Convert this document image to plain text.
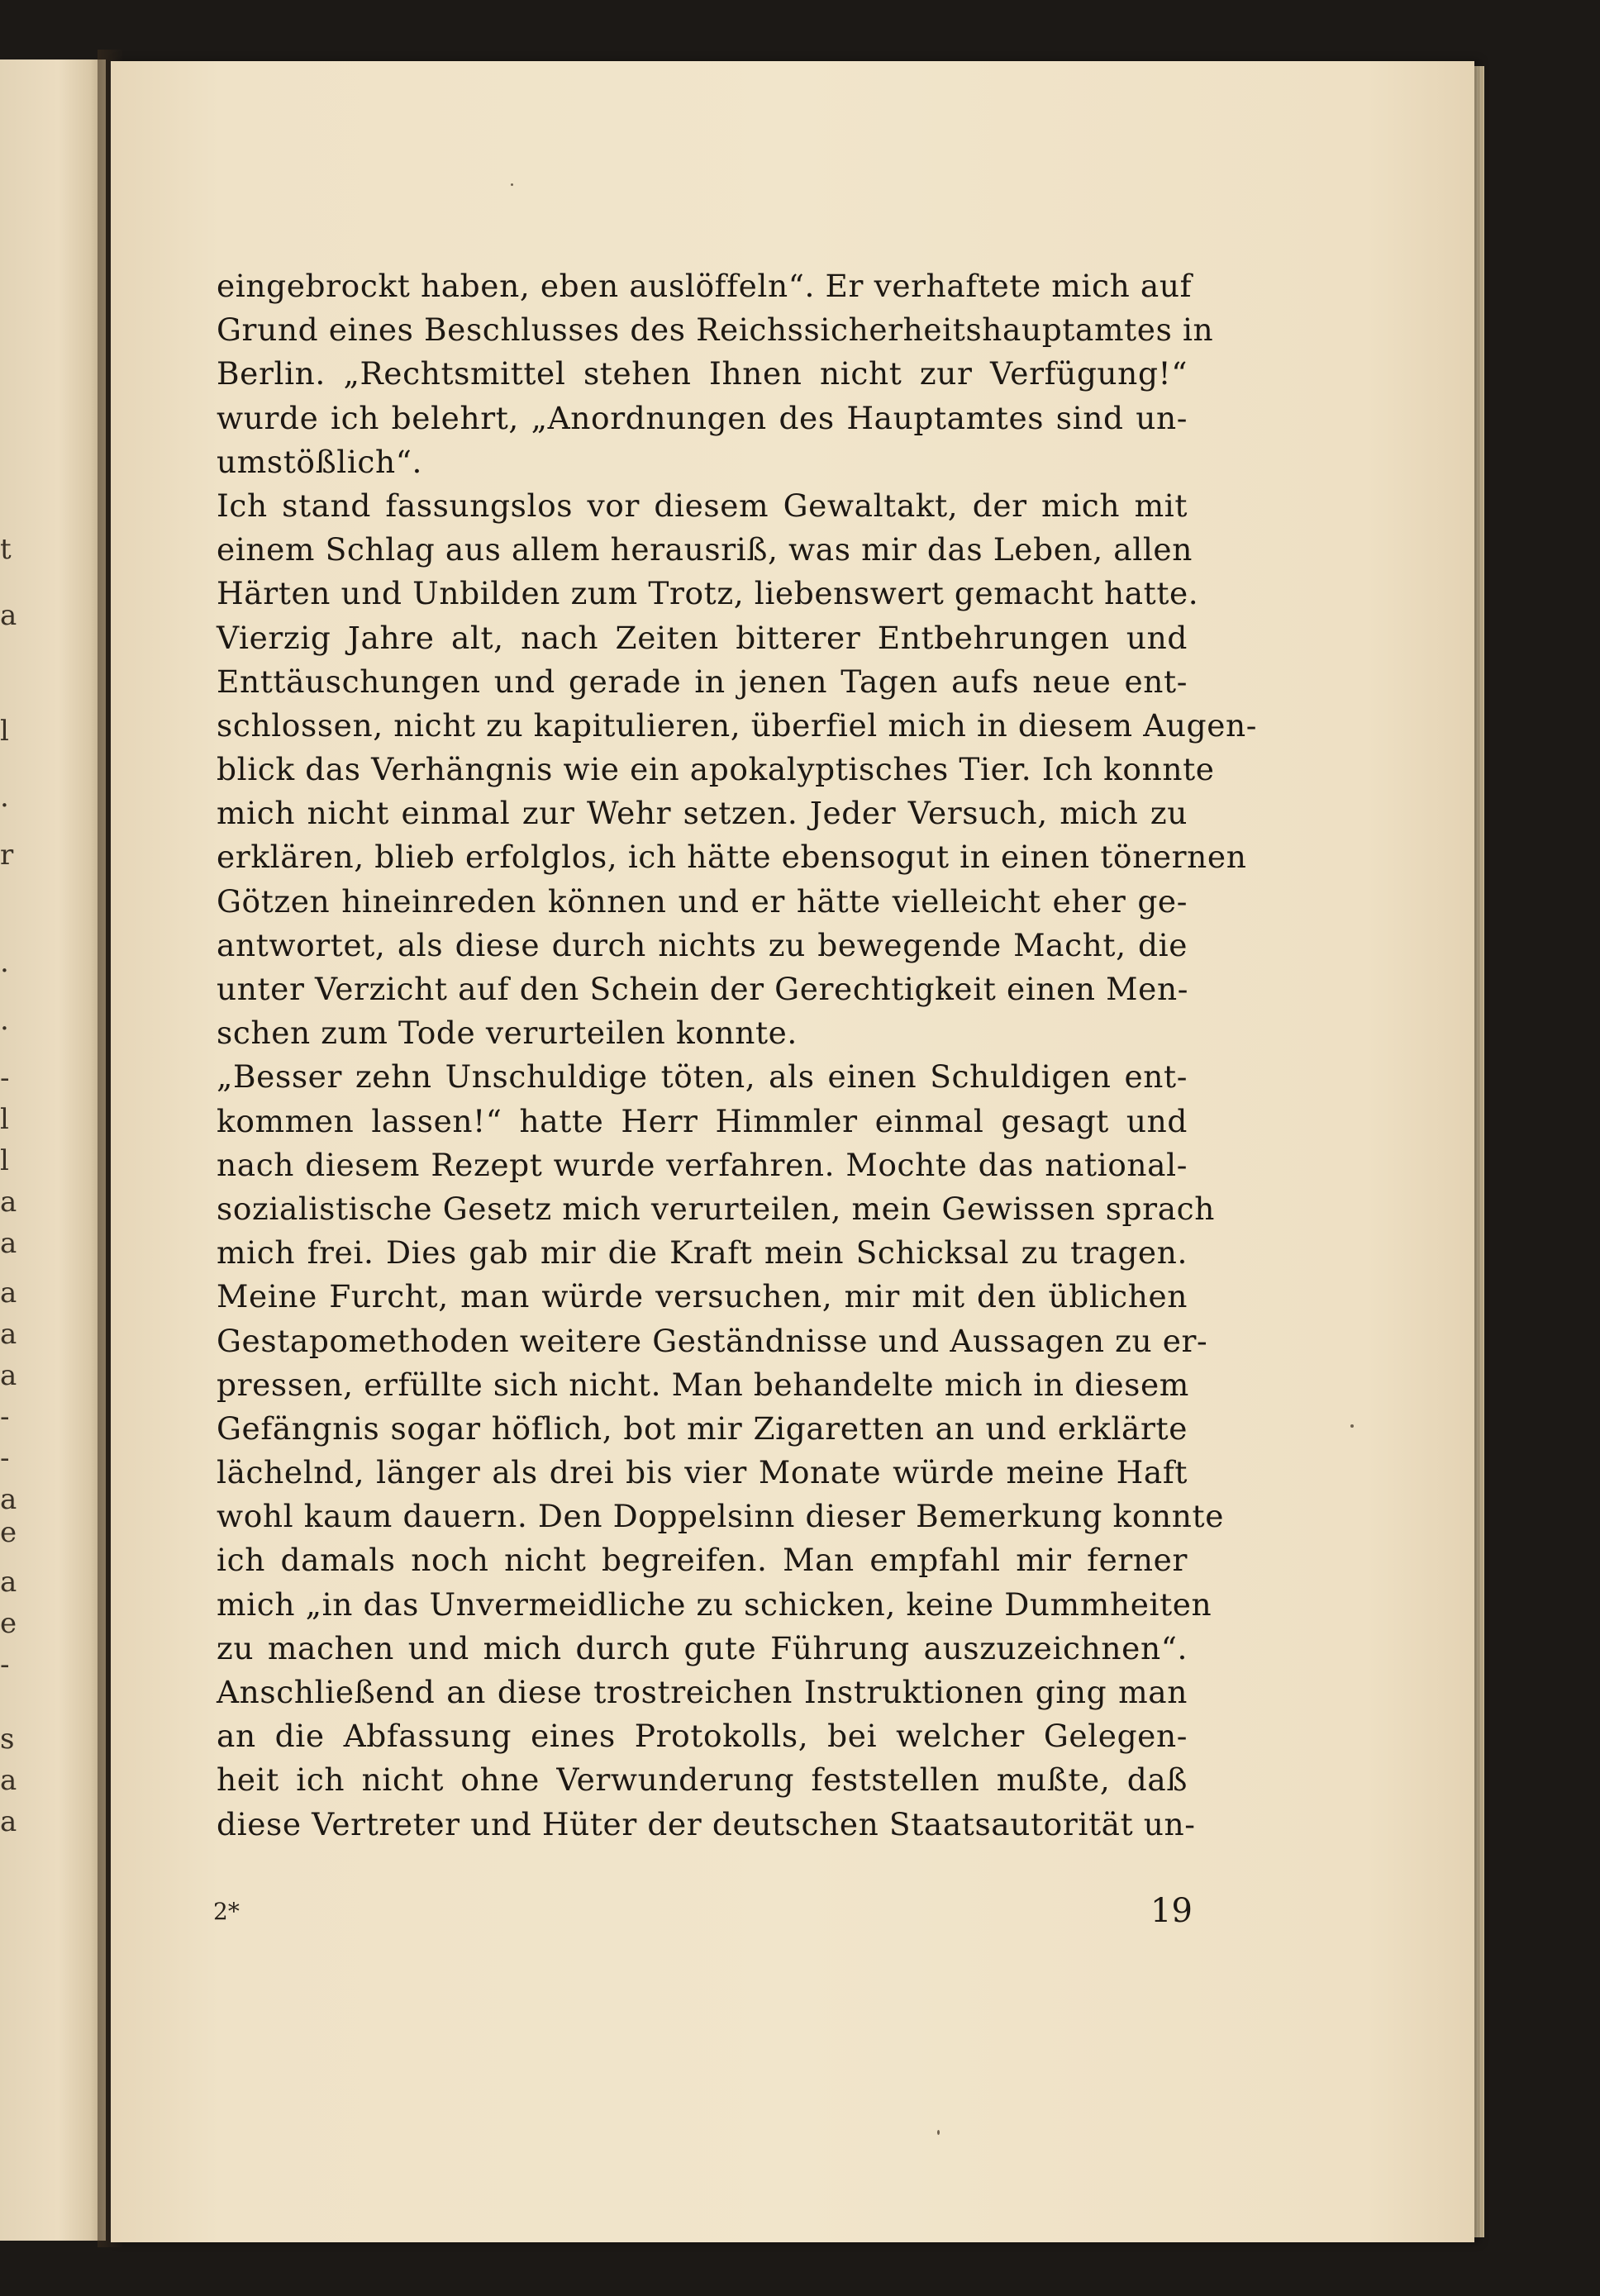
t
a
l
.
r
.
.
-
l
l
a
a
a
a
a
-
-
a
e
a
e
-
s
a
a
eingebrockt haben, eben auslöffeln“. Er verhaftete mich auf
Grund eines Beschlusses des Reichssicherheitshauptamtes in
Berlin. „Rechtsmittel stehen Ihnen nicht zur Verfügung!“
wurde ich belehrt, „Anordnungen des Hauptamtes sind un-
umstößlich“.
Ich stand fassungslos vor diesem Gewaltakt, der mich mit
einem Schlag aus allem herausriß, was mir das Leben, allen
Härten und Unbilden zum Trotz, liebenswert gemacht hatte.
Vierzig Jahre alt, nach Zeiten bitterer Entbehrungen und
Enttäuschungen und gerade in jenen Tagen aufs neue ent-
schlossen, nicht zu kapitulieren, überfiel mich in diesem Augen-
blick das Verhängnis wie ein apokalyptisches Tier. Ich konnte
mich nicht einmal zur Wehr setzen. Jeder Versuch, mich zu
erklären, blieb erfolglos, ich hätte ebensogut in einen tönernen
Götzen hineinreden können und er hätte vielleicht eher ge-
antwortet, als diese durch nichts zu bewegende Macht, die
unter Verzicht auf den Schein der Gerechtigkeit einen Men-
schen zum Tode verurteilen konnte.
„Besser zehn Unschuldige töten, als einen Schuldigen ent-
kommen lassen!“ hatte Herr Himmler einmal gesagt und
nach diesem Rezept wurde verfahren. Mochte das national-
sozialistische Gesetz mich verurteilen, mein Gewissen sprach
mich frei. Dies gab mir die Kraft mein Schicksal zu tragen.
Meine Furcht, man würde versuchen, mir mit den üblichen
Gestapomethoden weitere Geständnisse und Aussagen zu er-
pressen, erfüllte sich nicht. Man behandelte mich in diesem
Gefängnis sogar höflich, bot mir Zigaretten an und erklärte
lächelnd, länger als drei bis vier Monate würde meine Haft
wohl kaum dauern. Den Doppelsinn dieser Bemerkung konnte
ich damals noch nicht begreifen. Man empfahl mir ferner
mich „in das Unvermeidliche zu schicken, keine Dummheiten
zu machen und mich durch gute Führung auszuzeichnen“.
Anschließend an diese trostreichen Instruktionen ging man
an die Abfassung eines Protokolls, bei welcher Gelegen-
heit ich nicht ohne Verwunderung feststellen mußte, daß
diese Vertreter und Hüter der deutschen Staatsautorität un-
2*	19
